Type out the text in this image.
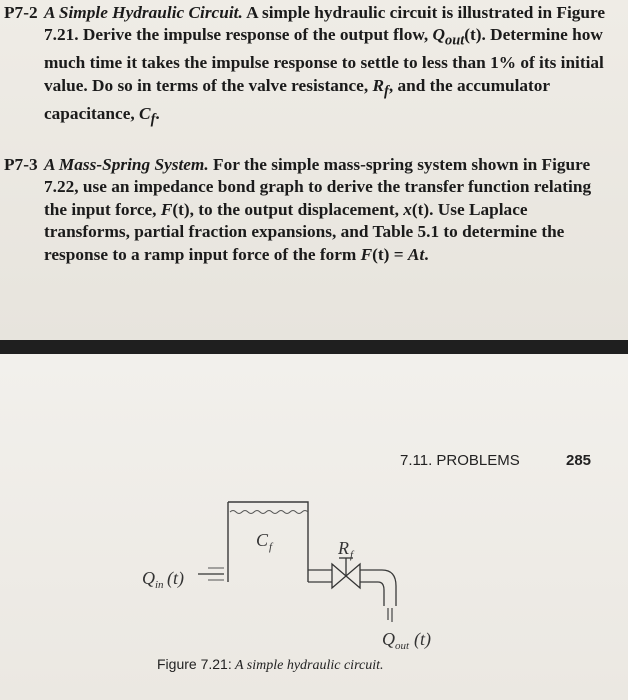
P7-2 A Simple Hydraulic Circuit. A simple hydraulic circuit is illustrated in Figure 7.21. Derive the impulse response of the output flow, $Q_{out}(t)$. Determine how much time it takes the impulse response to settle to less than 1% of its initial value. Do so in terms of the valve resistance, $R_f$, and the accumulator capacitance, $C_f$.
P7-3 A Mass-Spring System. For the simple mass-spring system shown in Figure 7.22, use an impedance bond graph to derive the transfer function relating the input force, F(t), to the output displacement, x(t). Use Laplace transforms, partial fraction expansions, and Table 5.1 to determine the response to a ramp input force of the form F(t) = At.
7.11. PROBLEMS	285
C f	R f
Q in (t)
Q out (t)
Figure 7.21: A simple hydraulic circuit.
